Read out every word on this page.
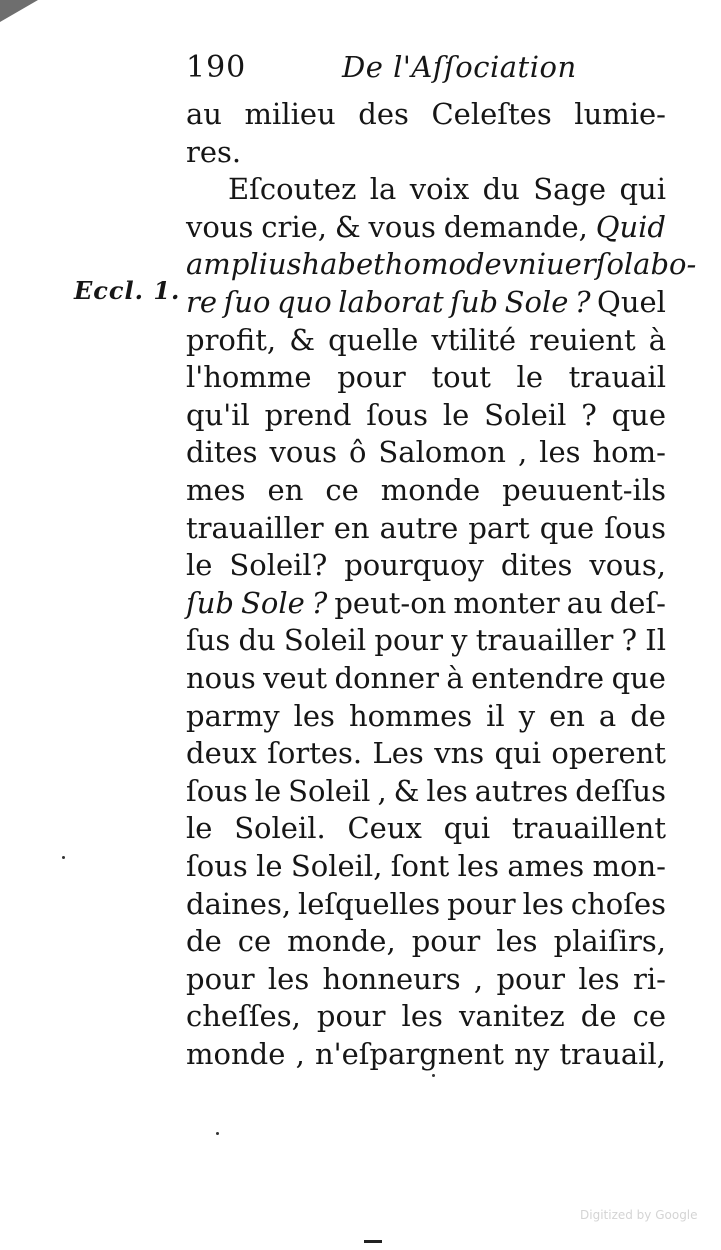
190	De l'Aſſociation
Eccl. 1.
au milieu des Celeſtes lumie-
res.
Eſcoutez la voix du Sage qui
vous crie, & vous demande, Quid
amplius habet homo de vniuerſo labo-
re ſuo quo laborat ſub Sole ? Quel
profit, & quelle vtilité reuient à
l'homme pour tout le trauail
qu'il prend ſous le Soleil ? que
dites vous ô Salomon , les hom-
mes en ce monde peuuent-ils
trauailler en autre part que ſous
le Soleil? pourquoy dites vous,
ſub Sole ? peut-on monter au deſ-
ſus du Soleil pour y trauailler ? Il
nous veut donner à entendre que
parmy les hommes il y en a de
deux ſortes. Les vns qui operent
ſous le Soleil , & les autres deſſus
le Soleil. Ceux qui trauaillent
ſous le Soleil, ſont les ames mon-
daines, leſquelles pour les choſes
de ce monde, pour les plaiſirs,
pour les honneurs , pour les ri-
cheſſes, pour les vanitez de ce
monde , n'eſpargnent ny trauail,
Digitized by Google
